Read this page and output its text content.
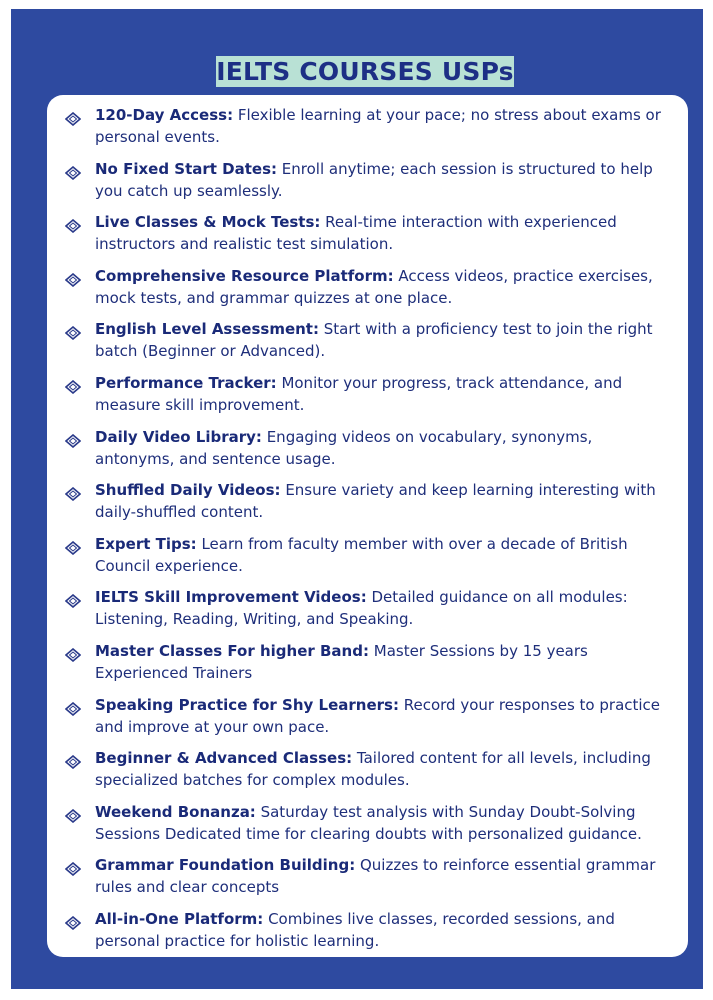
IELTS COURSES USPs
120-Day Access: Flexible learning at your pace; no stress about exams or personal events.
No Fixed Start Dates: Enroll anytime; each session is structured to help you catch up seamlessly.
Live Classes & Mock Tests: Real-time interaction with experienced instructors and realistic test simulation.
Comprehensive Resource Platform: Access videos, practice exercises, mock tests, and grammar quizzes at one place.
English Level Assessment: Start with a proficiency test to join the right batch (Beginner or Advanced).
Performance Tracker: Monitor your progress, track attendance, and measure skill improvement.
Daily Video Library: Engaging videos on vocabulary, synonyms, antonyms, and sentence usage.
Shuffled Daily Videos: Ensure variety and keep learning interesting with daily-shuffled content.
Expert Tips: Learn from faculty member with over a decade of British Council experience.
IELTS Skill Improvement Videos: Detailed guidance on all modules: Listening, Reading, Writing, and Speaking.
Master Classes For higher Band: Master Sessions by 15 years Experienced Trainers
Speaking Practice for Shy Learners: Record your responses to practice and improve at your own pace.
Beginner & Advanced Classes: Tailored content for all levels, including specialized batches for complex modules.
Weekend Bonanza: Saturday test analysis with Sunday Doubt-Solving Sessions Dedicated time for clearing doubts with personalized guidance.
Grammar Foundation Building: Quizzes to reinforce essential grammar rules and clear concepts
All-in-One Platform: Combines live classes, recorded sessions, and personal practice for holistic learning.
